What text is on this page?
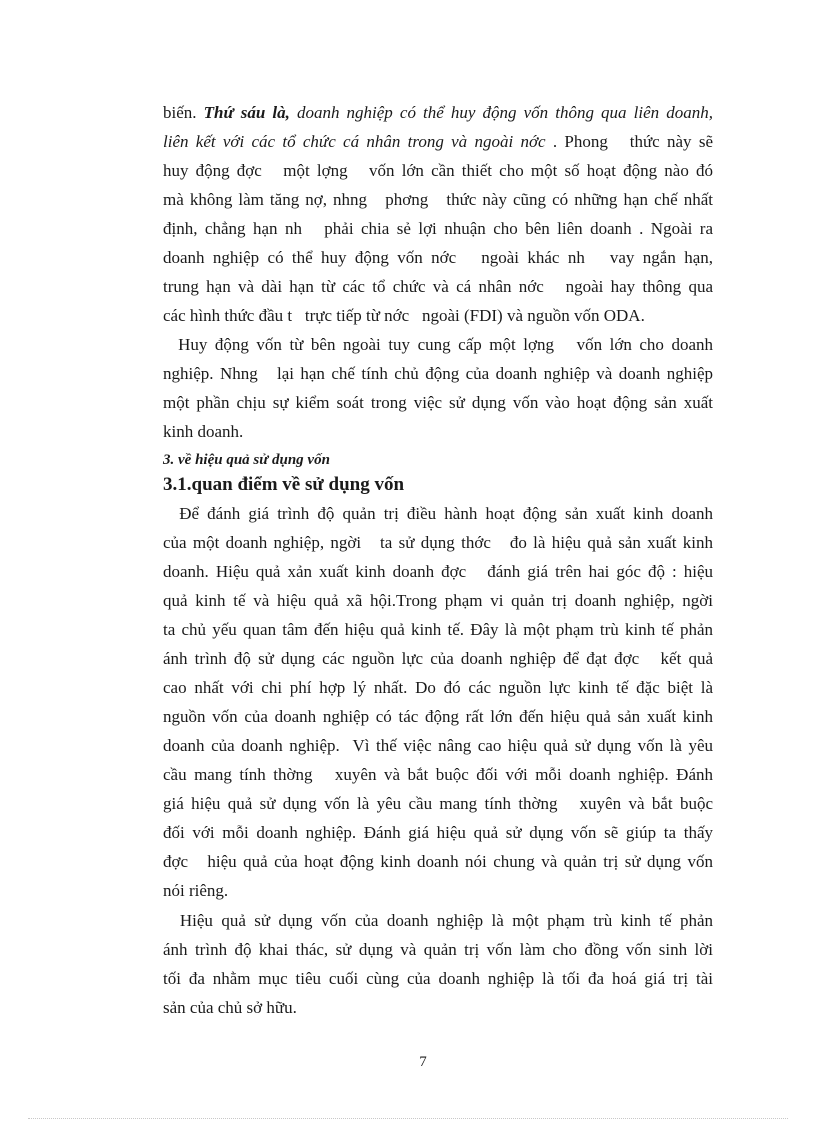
biến. Thứ sáu là, doanh nghiệp có thể huy động vốn thông qua liên doanh,
liên kết với các tổ chức cá nhân trong và ngoài nớc . Phong   thức này sẽ
huy động đợc   một lợng   vốn lớn cần thiết cho một số hoạt động nào đó
mà không làm tăng nợ, nhng   phơng   thức này cũng có những hạn chế nhất
định, chẳng hạn nh   phải chia sẻ lợi nhuận cho bên liên doanh . Ngoài ra
doanh nghiệp có thể huy động vốn nớc   ngoài khác nh   vay ngắn hạn,
trung hạn và dài hạn từ các tổ chức và cá nhân nớc   ngoài hay thông qua
các hình thức đầu t   trực tiếp từ nớc   ngoài (FDI) và nguồn vốn ODA.
Huy động vốn từ bên ngoài tuy cung cấp một lợng   vốn lớn cho doanh
nghiệp. Nhng   lại hạn chế tính chủ động của doanh nghiệp và doanh nghiệp
một phần chịu sự kiểm soát trong việc sử dụng vốn vào hoạt động sản xuất
kinh doanh.
3. về hiệu quả sử dụng vốn
3.1.quan điểm về sử dụng vốn
Để đánh giá trình độ quản trị điều hành hoạt động sản xuất kinh doanh
của một doanh nghiệp, ngời   ta sử dụng thớc   đo là hiệu quả sản xuất kinh
doanh. Hiệu quả xản xuất kinh doanh đợc   đánh giá trên hai góc độ : hiệu
quả kinh tế và hiệu quả xã hội.Trong phạm vi quản trị doanh nghiệp, ngời
ta chủ yếu quan tâm đến hiệu quả kinh tế. Đây là một phạm trù kinh tế phản
ánh trình độ sử dụng các nguồn lực của doanh nghiệp để đạt đợc   kết quả
cao nhất với chi phí hợp lý nhất. Do đó các nguồn lực kinh tế đặc biệt là
nguồn vốn của doanh nghiệp có tác động rất lớn đến hiệu quả sản xuất kinh
doanh của doanh nghiệp.  Vì thế việc nâng cao hiệu quả sử dụng vốn là yêu
cầu mang tính thờng   xuyên và bắt buộc đối với mỗi doanh nghiệp. Đánh
giá hiệu quả sử dụng vốn là yêu cầu mang tính thờng   xuyên và bắt buộc
đối với mỗi doanh nghiệp. Đánh giá hiệu quả sử dụng vốn sẽ giúp ta thấy
đợc   hiệu quả của hoạt động kinh doanh nói chung và quản trị sử dụng vốn
nói riêng.
Hiệu quả sử dụng vốn của doanh nghiệp là một phạm trù kinh tế phản
ánh trình độ khai thác, sử dụng và quản trị vốn làm cho đồng vốn sinh lời
tối đa nhằm mục tiêu cuối cùng của doanh nghiệp là tối đa hoá giá trị tài
sản của chủ sở hữu.
7
